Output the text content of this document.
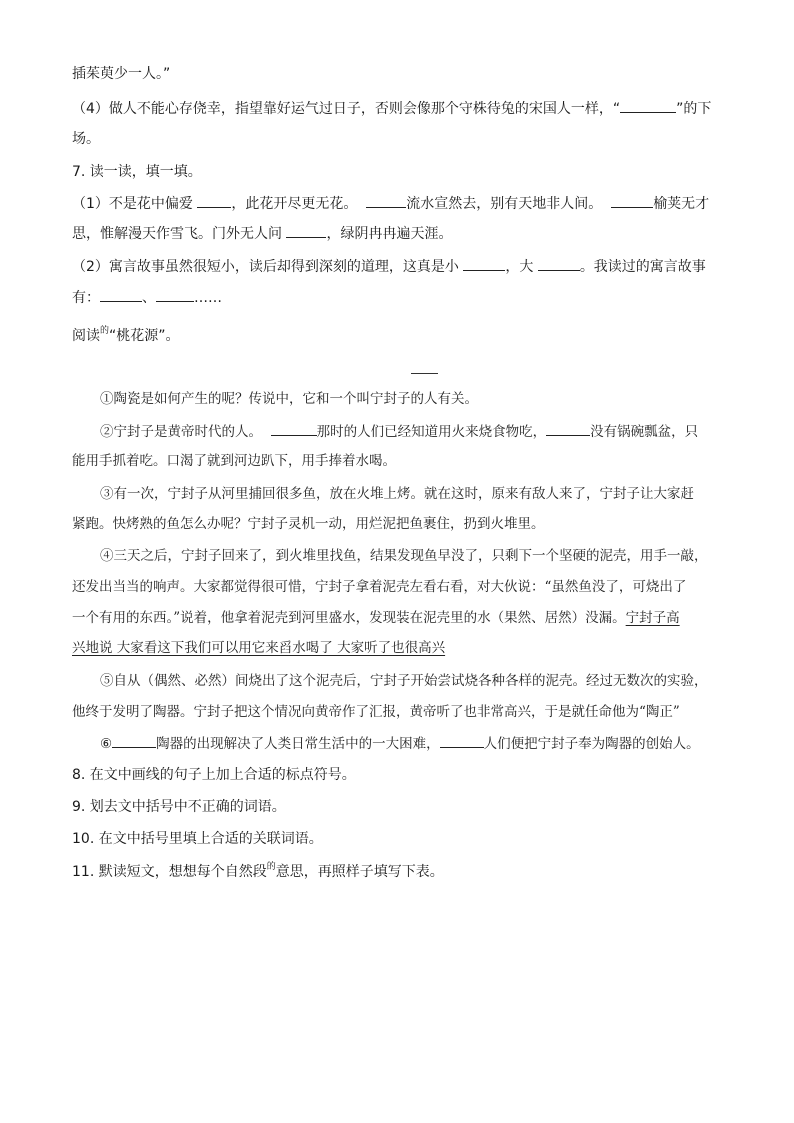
插茱萸少一人。”
（4）做人不能心存侥幸，指望靠好运气过日子，否则会像那个守株待兔的宋国人一样，“	”的下
场。
7. 读一读，填一填。
（1）不是花中偏爱	，此花开尽更无花。	流水宣然去，别有天地非人间。	榆荚无才
思，惟解漫天作雪飞。门外无人问	，绿阴冉冉遍天涯。
（2）寓言故事虽然很短小，读后却得到深刻的道理，这真是小	，大	。我读过的寓言故事
有：	、	……
阅读$^的$“桃花源”。
①陶瓷是如何产生的呢？传说中，它和一个叫宁封子的人有关。
②宁封子是黄帝时代的人。	那时的人们已经知道用火来烧食物吃，	没有锅碗瓢盆，只
能用手抓着吃。口渴了就到河边趴下，用手捧着水喝。
③有一次，宁封子从河里捕回很多鱼，放在火堆上烤。就在这时，原来有敌人来了，宁封子让大家赶
紧跑。快烤熟的鱼怎么办呢？宁封子灵机一动，用烂泥把鱼裹住，扔到火堆里。
④三天之后，宁封子回来了，到火堆里找鱼，结果发现鱼早没了，只剩下一个坚硬的泥壳，用手一敲，
还发出当当的响声。大家都觉得很可惜，宁封子拿着泥壳左看右看，对大伙说：“虽然鱼没了，可烧出了
一个有用的东西。”说着，他拿着泥壳到河里盛水，发现装在泥壳里的水（果然、居然）没漏。宁封子高
兴地说 大家看这下我们可以用它来舀水喝了 大家听了也很高兴
⑤自从（偶然、必然）间烧出了这个泥壳后，宁封子开始尝试烧各种各样的泥壳。经过无数次的实验，
他终于发明了陶器。宁封子把这个情况向黄帝作了汇报，黄帝听了也非常高兴，于是就任命他为“陶正”
⑥	陶器的出现解决了人类日常生活中的一大困难，	人们便把宁封子奉为陶器的创始人。
8. 在文中画线的句子上加上合适的标点符号。
9. 划去文中括号中不正确的词语。
10. 在文中括号里填上合适的关联词语。
11. 默读短文，想想每个自然段$^的$意思，再照样子填写下表。
